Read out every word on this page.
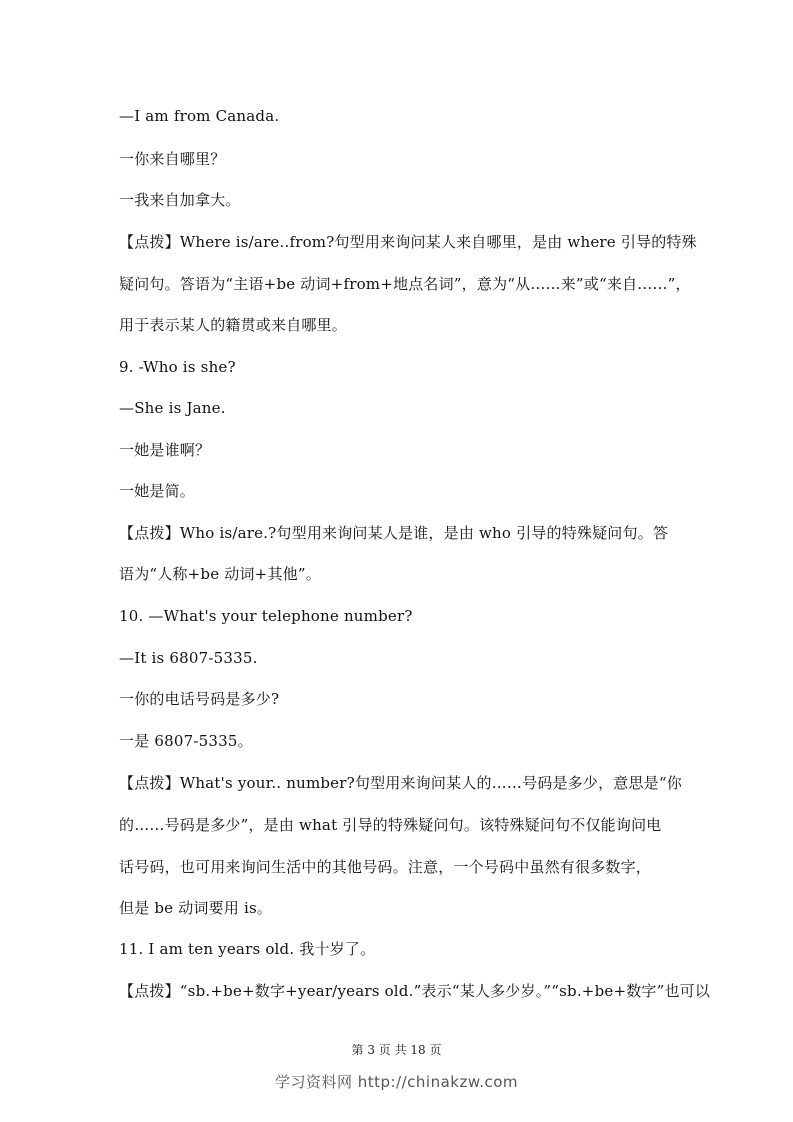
—I am from Canada.
一你来自哪里？
一我来自加拿大。
【点拨】Where is/are..from?句型用来询问某人来自哪里，是由 where 引导的特殊
疑问句。答语为“主语+be 动词+from+地点名词”，意为“从……来”或“来自……”，
用于表示某人的籍贯或来自哪里。
9. -Who is she?
—She is Jane.
一她是谁啊？
一她是简。
【点拨】Who is/are.?句型用来询问某人是谁，是由 who 引导的特殊疑问句。答
语为“人称+be 动词+其他”。
10. —What's your telephone number?
—It is 6807-5335.
一你的电话号码是多少?
一是 6807-5335。
【点拨】What's your.. number?句型用来询问某人的……号码是多少，意思是“你
的……号码是多少”，是由 what 引导的特殊疑问句。该特殊疑问句不仅能询问电
话号码，也可用来询问生活中的其他号码。注意，一个号码中虽然有很多数字，
但是 be 动词要用 is。
11. I am ten years old. 我十岁了。
【点拨】“sb.+be+数字+year/years old.”表示“某人多少岁。”“sb.+be+数字”也可以
第 3 页 共 18 页
学习资料网 http://chinakzw.com
